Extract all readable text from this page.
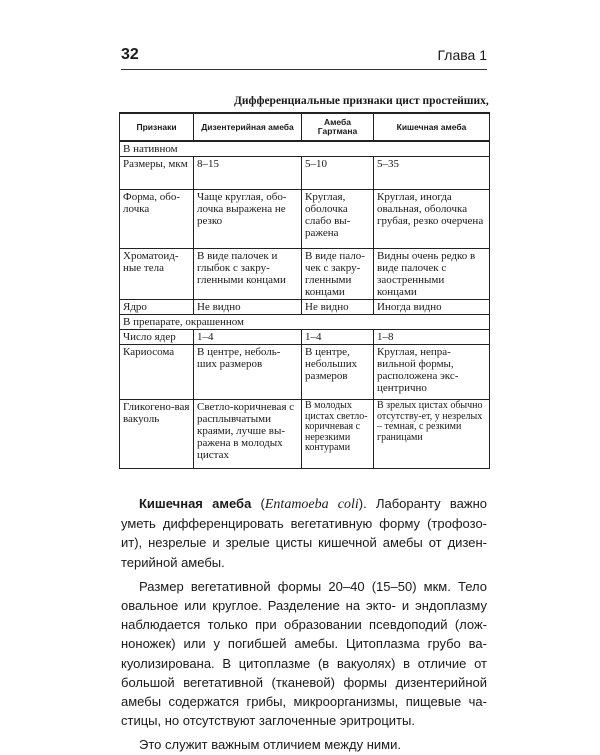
32	Глава 1
Дифференциальные признаки цист простейших,
Признаки	Дизентерийная амеба	Амеба Гартмана	Кишечная амеба
В нативном			
Размеры, мкм	8–15	5–10	5–35
Форма, обо-лочка	Чаще круглая, обо-лочка выражена не резко	Круглая, оболочка слабо вы-ражена	Круглая, иногда овальная, оболочка грубая, резко очерчена
Хроматоид-ные тела	В виде палочек и глыбок с закру-гленными концами	В виде пало-чек с закру-гленными концами	Видны очень редко в виде палочек с заостренными концами
Ядро	Не видно	Не видно	Иногда видно
В препарате, окрашенном			
Число ядер	1–4	1–4	1–8
Кариосома	В центре, неболь-ших размеров	В центре, небольших размеров	Круглая, непра-вильной формы, расположена экс-центрично
Гликогено-вая вакуоль	Светло-коричневая с расплывчатыми краями, лучше вы-ражена в молодых цистах	В молодых цистах светло-коричневая с нерезкими контурами	В зрелых цистах обычно отсутству-ет, у незрелых – темная, с резкими границами

Кишечная амеба (Entamoeba coli). Лаборанту важно уметь дифференцировать вегетативную форму (трофозо-ит), незрелые и зрелые цисты кишечной амебы от дизен-терийной амебы.

Размер вегетативной формы 20–40 (15–50) мкм. Тело овальное или круглое. Разделение на экто- и эндоплазму наблюдается только при образовании псевдоподий (лож-ноножек) или у погибшей амебы. Цитоплазма грубо ва-куолизирована. В цитоплазме (в вакуолях) в отличие от большой вегетативной (тканевой) формы дизентерийной амебы содержатся грибы, микроорганизмы, пищевые ча-стицы, но отсутствуют заглоченные эритроциты.

Это служит важным отличием между ними.
